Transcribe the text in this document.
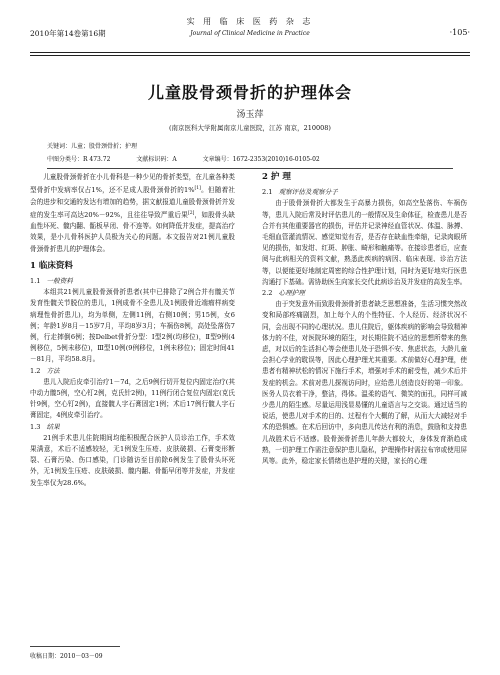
2010年第14卷第16期
实 用 临 床 医 药 杂 志
Journal of Clinical Medicine in Practice	·105·
儿童股骨颈骨折的护理体会
汤玉萍
(南京医科大学附属南京儿童医院，江苏 南京，210008)
关键词：儿童；股骨颈骨折；护理
中图分类号：R 473.72	文献标识码：A	文章编号：1672-2353(2010)16-0105-02

儿童股骨颈骨折在小儿骨科是一种少见的骨折类型，在儿童各种类型骨折中发病率仅占1%，还不足成人股骨颈骨折的1%[1]。但随着社会的进步和交通的发达有增加的趋势，据文献报道儿童股骨颈骨折并发症的发生率可高达20%－92%，且往往导致严重后果[2]，如股骨头缺血性坏死、髋内翻、骺板早闭、骨不连等。如何降低并发症，提高治疗效果，是小儿骨科医护人员极为关心的问题。本文报告对21例儿童股骨颈骨折患儿的护理体会。

1 临床资料
1.1 一般资料

本组共21例儿童股骨颈骨折患者(其中已排除了2例合并有髋关节发育性髋关节脱位的患儿，1例成骨不全患儿及1例股骨近端瘤样病变病理性骨折患儿)，均为单侧，左侧11例，右侧10例；男15例，女6例；年龄1岁8月－15岁7月，平均8岁3月；车祸伤8例，高处坠落伤7例，行走摔倒6例；按Delbet骨折分型：Ⅰ型2例(均移位)，Ⅱ型9例(4例移位，5例未移位)，Ⅲ型10例(9例移位，1例未移位)；固定时间41－81月，平均58.8月。

1.2 方法

患儿入院后皮牵引治疗1－7d，之后9例行切开复位内固定治疗(其中动力髋5例，空心钉2例，克氏针2例)，11例行闭合复位内固定(克氏针9例，空心钉2例)，直接髋人字石膏固定1例；术后17例行髋人字石膏固定，4例皮牵引治疗。

1.3 结果

21例手术患儿住院期间均能积极配合医护人员诊治工作，手术效果满意，术后不适感较轻，无1例发生压疮、皮肤破损、石膏变形断裂、石膏污染、伤口感染，门诊随访至目前除6例发生了股骨头坏死外，无1例发生压疮、皮肤破损、髋内翻、骨骺早闭等并发症，并发症发生率仅为28.6%。

2 护 理
2.1 观察评估及观察分子

由于股骨颈骨折大都发生于高暴力损伤，如高空坠落伤、车祸伤等，患儿入院后常及时评估患儿的一般情况及生命体征，检查患儿是否合并有其他重要器官的损伤，评估并记录神经血管状况、体温、脉搏、毛细血管灌流情况、感觉知觉有否，是否存在缺血性牵缩，记录肉眼所见的损伤，如发绀、红斑、肿胀、畸形和触痛等。在接诊患者后，应查阅与此病相关的资料文献，熟悉此疾病的病因、临床表现、诊治方法等，以便能更好地制定周密的综合性护理计划，同时为更好地实行医患沟通打下基础。需协助医生向家长交代此病诊治及并发症的高发生率。

2.2 心理护理

由于突发意外而致股骨颈骨折患者缺乏思想准备，生活习惯突然改变和局部疼痛剧烈，加上每个人的个性特征、个人经历、经济状况不同，会出现不同的心理状况。患儿住院后，躯体疾病的影响会导致精神体力的不佳，对医院环境的陌生，对长期住院不适应的思想所带来的焦虑，对以后的生活担心等会使患儿处于恐惧不安、焦虑状态，大龄儿童会担心学业的耽误等，因此心理护理尤其重要。术前做好心理护理，使患者有精神状松的情况下施行手术，增强对手术的耐受性，减少术后并发症的机会。术前对患儿探视访问时，应给患儿创造良好的第一印象。医务人员衣着干净，整洁，得体。温柔的语气、微笑的面孔，同样可减少患儿的陌生感。尽量运用浅显易懂的儿童语言与之交谈。通过适当的说话，使患儿对手术的目的、过程有个大概的了解，从而大大减轻对手术的恐惧感。在术后回访中，多向患儿传达有利的消息，鼓励和支持患儿战胜术后不适感。股骨颈骨折患儿年龄大都较大，身体发育渐趋成熟，一切护理工作需注意保护患儿隐私，护理操作时需拉布帘或使用屏风等。此外，稳定家长情绪也是护理的关键，家长的心理

收稿日期：2010－03－09
